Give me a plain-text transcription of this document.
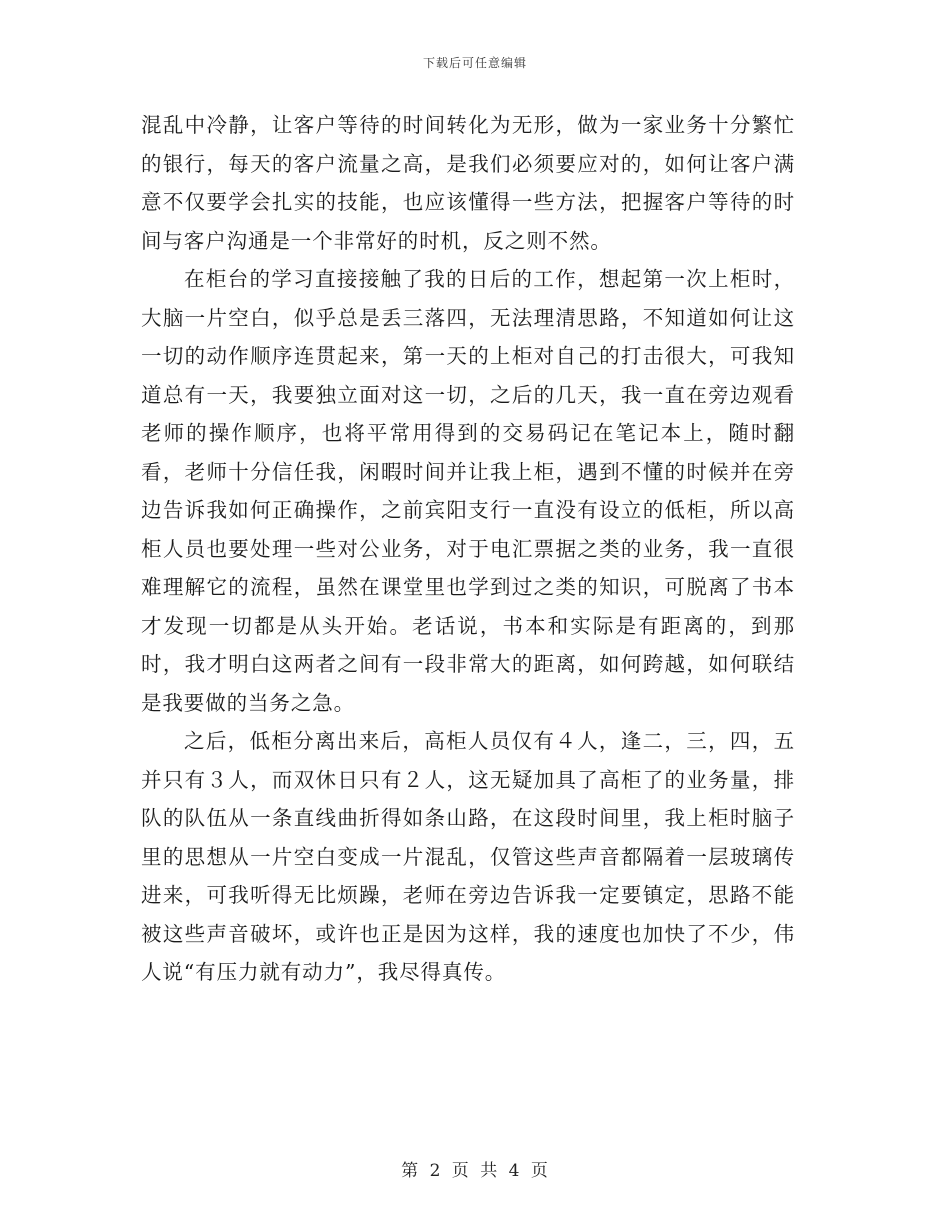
下载后可任意编辑

混乱中冷静，让客户等待的时间转化为无形，做为一家业务十分繁忙的银行，每天的客户流量之高，是我们必须要应对的，如何让客户满意不仅要学会扎实的技能，也应该懂得一些方法，把握客户等待的时间与客户沟通是一个非常好的时机，反之则不然。

在柜台的学习直接接触了我的日后的工作，想起第一次上柜时，大脑一片空白，似乎总是丢三落四，无法理清思路，不知道如何让这一切的动作顺序连贯起来，第一天的上柜对自己的打击很大，可我知道总有一天，我要独立面对这一切，之后的几天，我一直在旁边观看老师的操作顺序，也将平常用得到的交易码记在笔记本上，随时翻看，老师十分信任我，闲暇时间并让我上柜，遇到不懂的时候并在旁边告诉我如何正确操作，之前宾阳支行一直没有设立的低柜，所以高柜人员也要处理一些对公业务，对于电汇票据之类的业务，我一直很难理解它的流程，虽然在课堂里也学到过之类的知识，可脱离了书本才发现一切都是从头开始。老话说，书本和实际是有距离的，到那时，我才明白这两者之间有一段非常大的距离，如何跨越，如何联结是我要做的当务之急。

之后，低柜分离出来后，高柜人员仅有４人，逢二，三，四，五并只有３人，而双休日只有２人，这无疑加具了高柜了的业务量，排队的队伍从一条直线曲折得如条山路，在这段时间里，我上柜时脑子里的思想从一片空白变成一片混乱，仅管这些声音都隔着一层玻璃传进来，可我听得无比烦躁，老师在旁边告诉我一定要镇定，思路不能被这些声音破坏，或许也正是因为这样，我的速度也加快了不少，伟人说“有压力就有动力”，我尽得真传。

第 2 页 共 4 页
